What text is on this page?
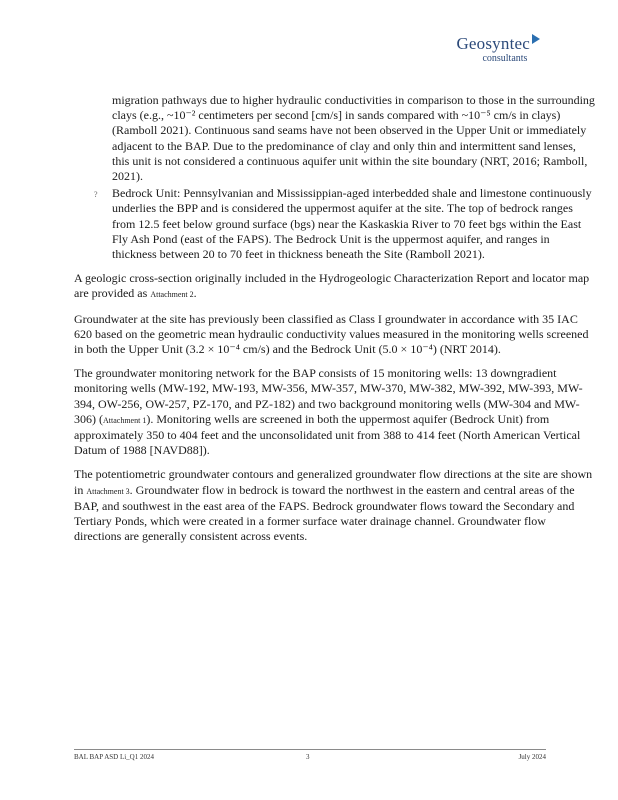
Geosyntec
consultants

migration pathways due to higher hydraulic conductivities in comparison to those in the surrounding clays (e.g., ~10⁻² centimeters per second [cm/s] in sands compared with ~10⁻⁵ cm/s in clays) (Ramboll 2021). Continuous sand seams have not been observed in the Upper Unit or immediately adjacent to the BAP. Due to the predominance of clay and only thin and intermittent sand lenses, this unit is not considered a continuous aquifer unit within the site boundary (NRT, 2016; Ramboll, 2021).

? Bedrock Unit: Pennsylvanian and Mississippian-aged interbedded shale and limestone continuously underlies the BPP and is considered the uppermost aquifer at the site. The top of bedrock ranges from 12.5 feet below ground surface (bgs) near the Kaskaskia River to 70 feet bgs within the East Fly Ash Pond (east of the FAPS). The Bedrock Unit is the uppermost aquifer, and ranges in thickness between 20 to 70 feet in thickness beneath the Site (Ramboll 2021).

A geologic cross-section originally included in the Hydrogeologic Characterization Report and locator map are provided as Attachment 2.

Groundwater at the site has previously been classified as Class I groundwater in accordance with 35 IAC 620 based on the geometric mean hydraulic conductivity values measured in the monitoring wells screened in both the Upper Unit (3.2 × 10⁻⁴ cm/s) and the Bedrock Unit (5.0 × 10⁻⁴) (NRT 2014).

The groundwater monitoring network for the BAP consists of 15 monitoring wells: 13 downgradient monitoring wells (MW-192, MW-193, MW-356, MW-357, MW-370, MW-382, MW-392, MW-393, MW-394, OW-256, OW-257, PZ-170, and PZ-182) and two background monitoring wells (MW-304 and MW-306) (Attachment 1). Monitoring wells are screened in both the uppermost aquifer (Bedrock Unit) from approximately 350 to 404 feet and the unconsolidated unit from 388 to 414 feet (North American Vertical Datum of 1988 [NAVD88]).

The potentiometric groundwater contours and generalized groundwater flow directions at the site are shown in Attachment 3. Groundwater flow in bedrock is toward the northwest in the eastern and central areas of the BAP, and southwest in the east area of the FAPS. Bedrock groundwater flows toward the Secondary and Tertiary Ponds, which were created in a former surface water drainage channel. Groundwater flow directions are generally consistent across events.

BAL BAP ASD Li_Q1 2024	3	July 2024
